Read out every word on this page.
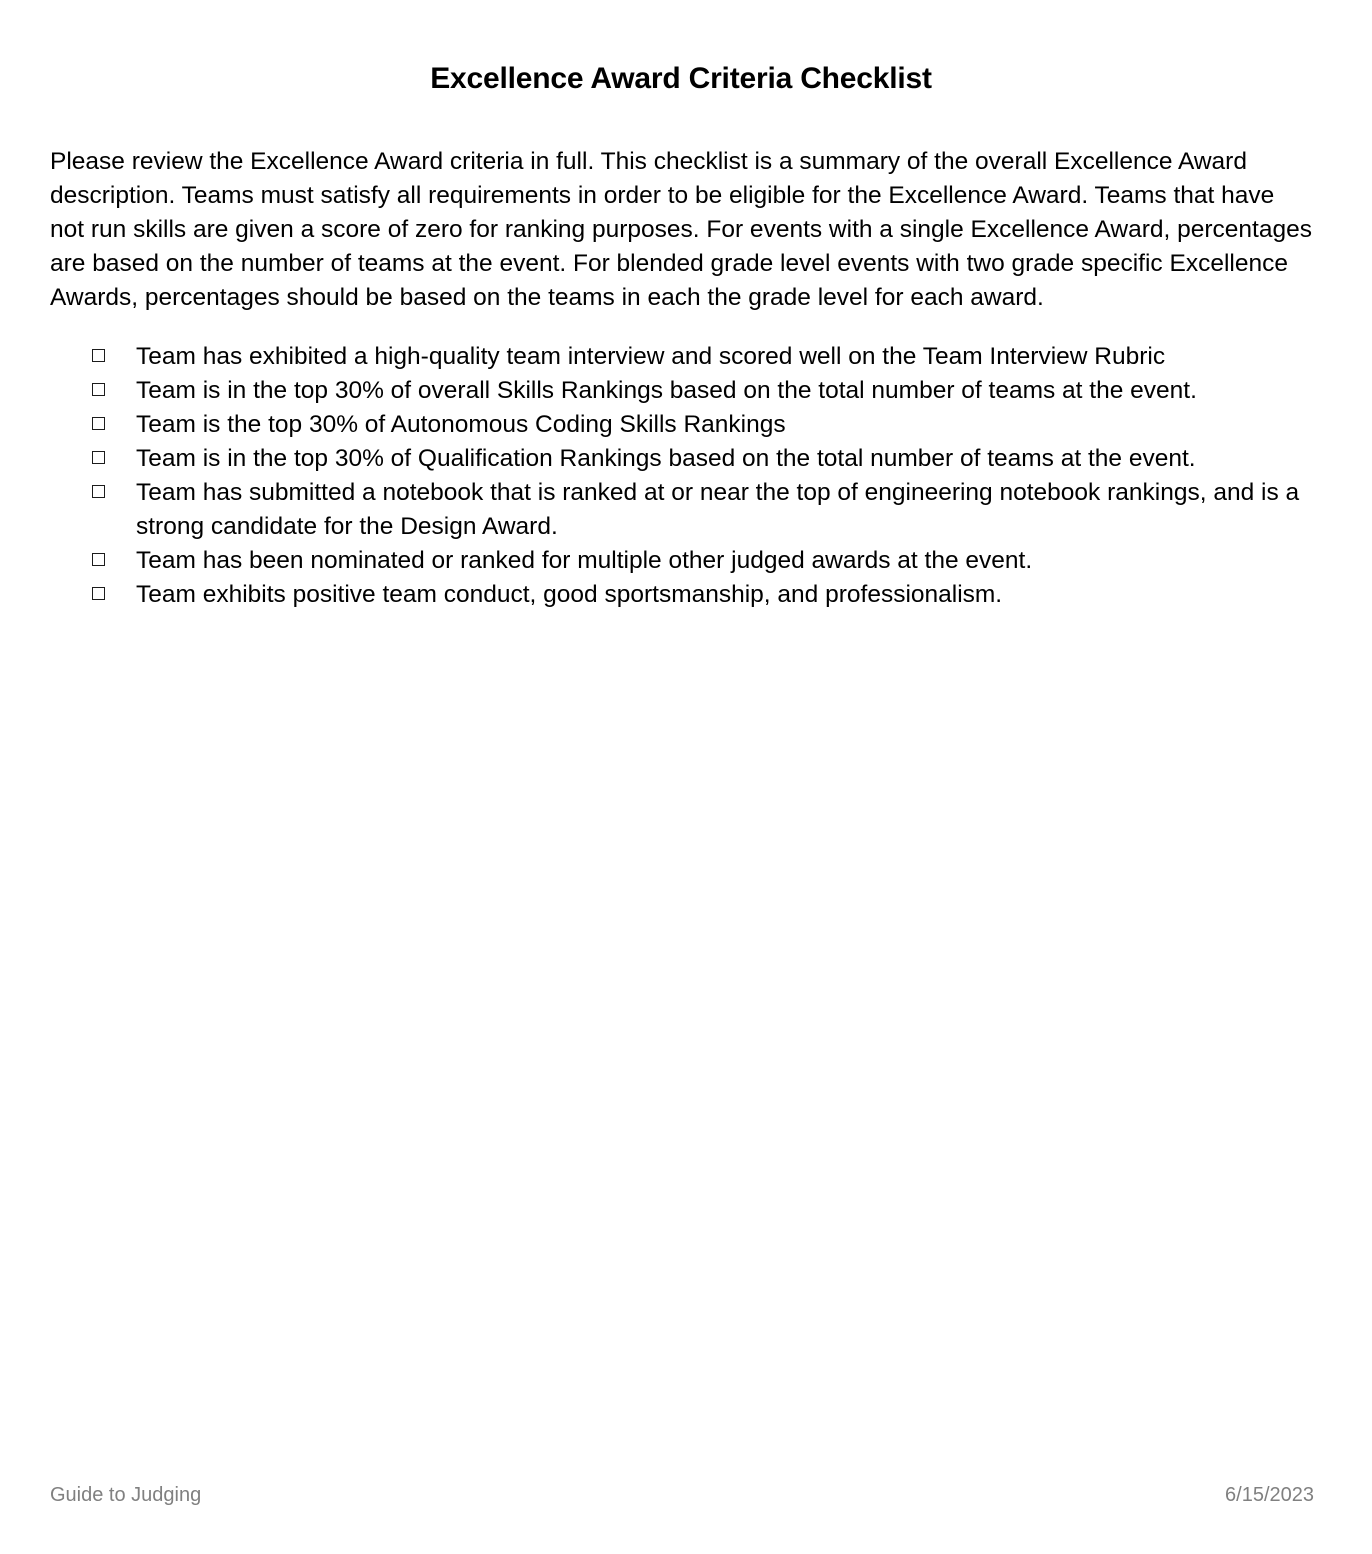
Excellence Award Criteria Checklist

Please review the Excellence Award criteria in full. This checklist is a summary of the overall Excellence Award description. Teams must satisfy all requirements in order to be eligible for the Excellence Award. Teams that have not run skills are given a score of zero for ranking purposes. For events with a single Excellence Award, percentages are based on the number of teams at the event. For blended grade level events with two grade specific Excellence Awards, percentages should be based on the teams in each the grade level for each award.

Team has exhibited a high-quality team interview and scored well on the Team Interview Rubric
Team is in the top 30% of overall Skills Rankings based on the total number of teams at the event.
Team is the top 30% of Autonomous Coding Skills Rankings
Team is in the top 30% of Qualification Rankings based on the total number of teams at the event.
Team has submitted a notebook that is ranked at or near the top of engineering notebook rankings, and is a strong candidate for the Design Award.
Team has been nominated or ranked for multiple other judged awards at the event.
Team exhibits positive team conduct, good sportsmanship, and professionalism.
Guide to Judging	6/15/2023
